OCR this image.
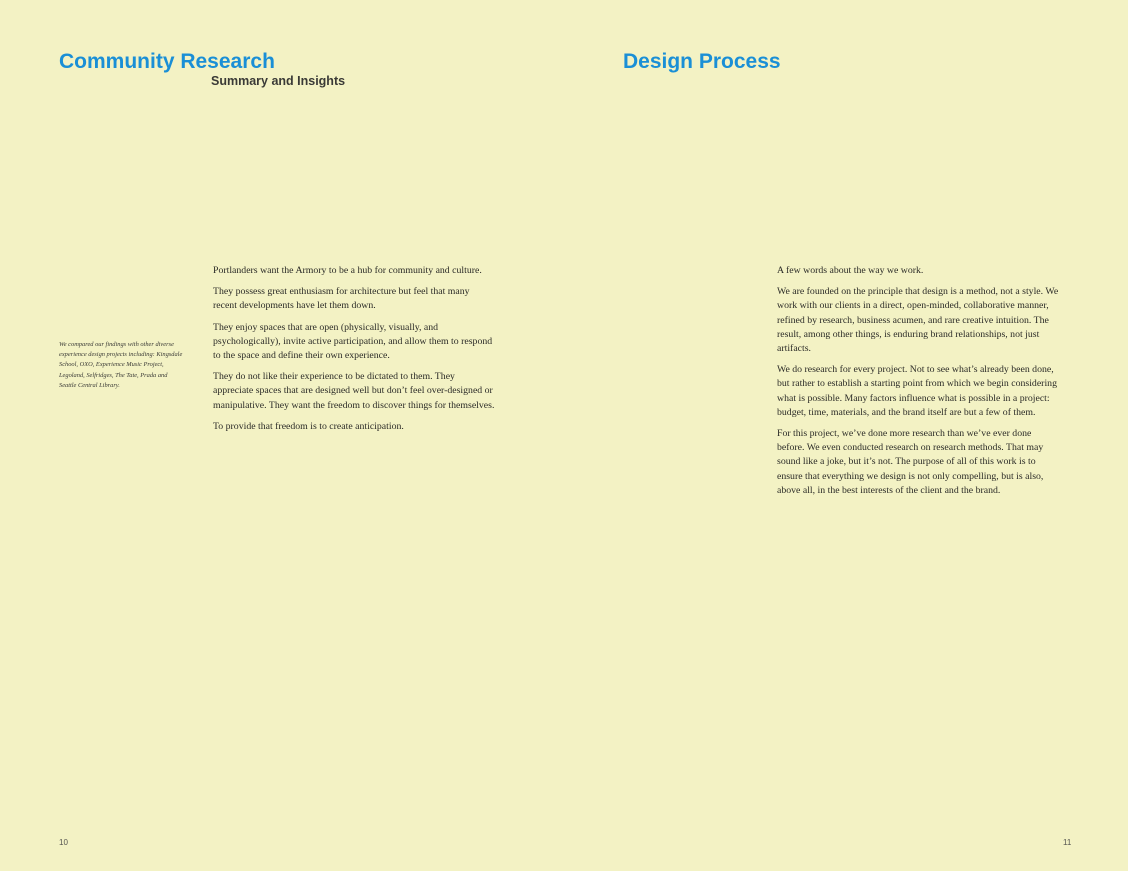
Community Research
Summary and Insights

We compared our findings with other diverse experience design projects including: Kingsdale School, OXO, Experience Music Project, Legoland, Selfridges, The Tate, Prada and Seattle Central Library.

Portlanders want the Armory to be a hub for community and culture.

They possess great enthusiasm for architecture but feel that many recent developments have let them down.

They enjoy spaces that are open (physically, visually, and psychologically), invite active participation, and allow them to respond to the space and define their own experience.

They do not like their experience to be dictated to them. They appreciate spaces that are designed well but don’t feel over-designed or manipulative. They want the freedom to discover things for themselves.

To provide that freedom is to create anticipation.

10

Design Process

A few words about the way we work.

We are founded on the principle that design is a method, not a style. We work with our clients in a direct, open-minded, collaborative manner, refined by research, business acumen, and rare creative intuition. The result, among other things, is enduring brand relationships, not just artifacts.

We do research for every project. Not to see what’s already been done, but rather to establish a starting point from which we begin considering what is possible. Many factors influence what is possible in a project: budget, time, materials, and the brand itself are but a few of them.

For this project, we’ve done more research than we’ve ever done before. We even conducted research on research methods. That may sound like a joke, but it’s not. The purpose of all of this work is to ensure that everything we design is not only compelling, but is also, above all, in the best interests of the client and the brand.

11
